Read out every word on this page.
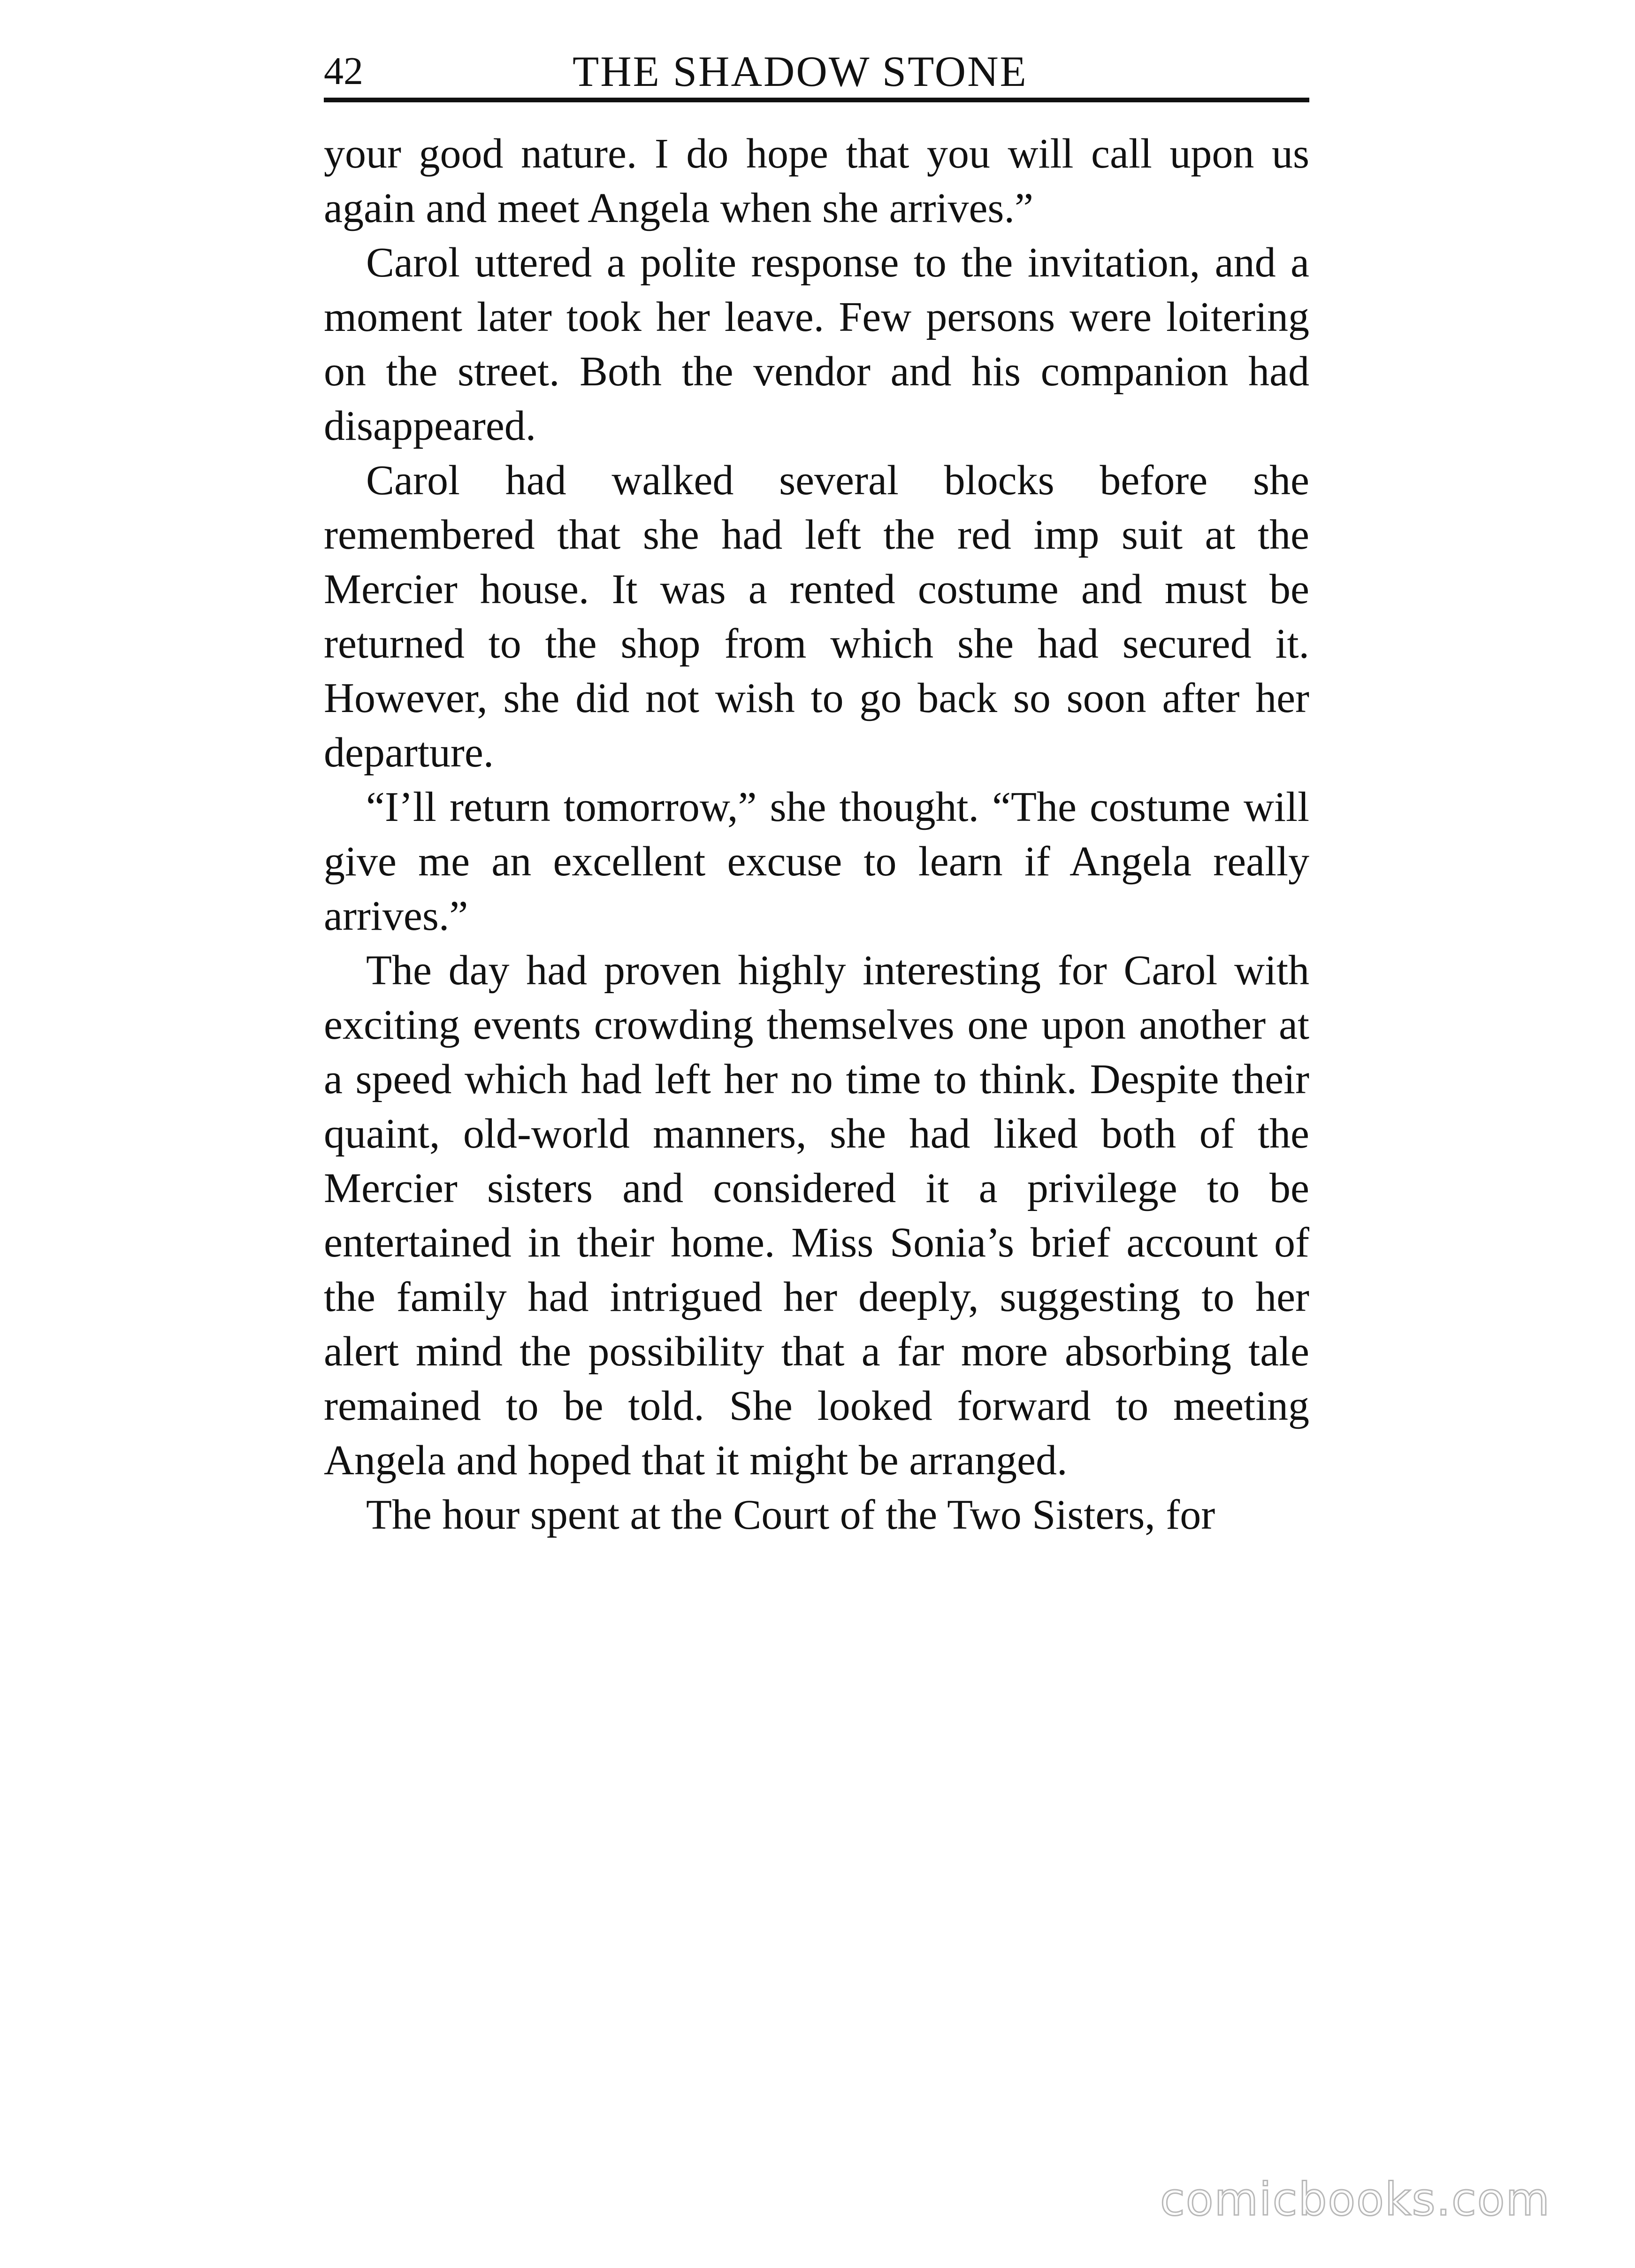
42	THE SHADOW STONE

your good nature. I do hope that you will call upon us again and meet Angela when she arrives.”

Carol uttered a polite response to the invitation, and a moment later took her leave. Few persons were loitering on the street. Both the vendor and his companion had disappeared.

Carol had walked several blocks before she remembered that she had left the red imp suit at the Mercier house. It was a rented costume and must be returned to the shop from which she had secured it. However, she did not wish to go back so soon after her departure.

“I’ll return tomorrow,” she thought. “The costume will give me an excellent excuse to learn if Angela really arrives.”

The day had proven highly interesting for Carol with exciting events crowding themselves one upon another at a speed which had left her no time to think. Despite their quaint, old-world manners, she had liked both of the Mercier sisters and considered it a privilege to be entertained in their home. Miss Sonia’s brief account of the family had intrigued her deeply, suggesting to her alert mind the possibility that a far more absorbing tale remained to be told. She looked forward to meeting Angela and hoped that it might be arranged.

The hour spent at the Court of the Two Sisters, for

comicbooks.com
